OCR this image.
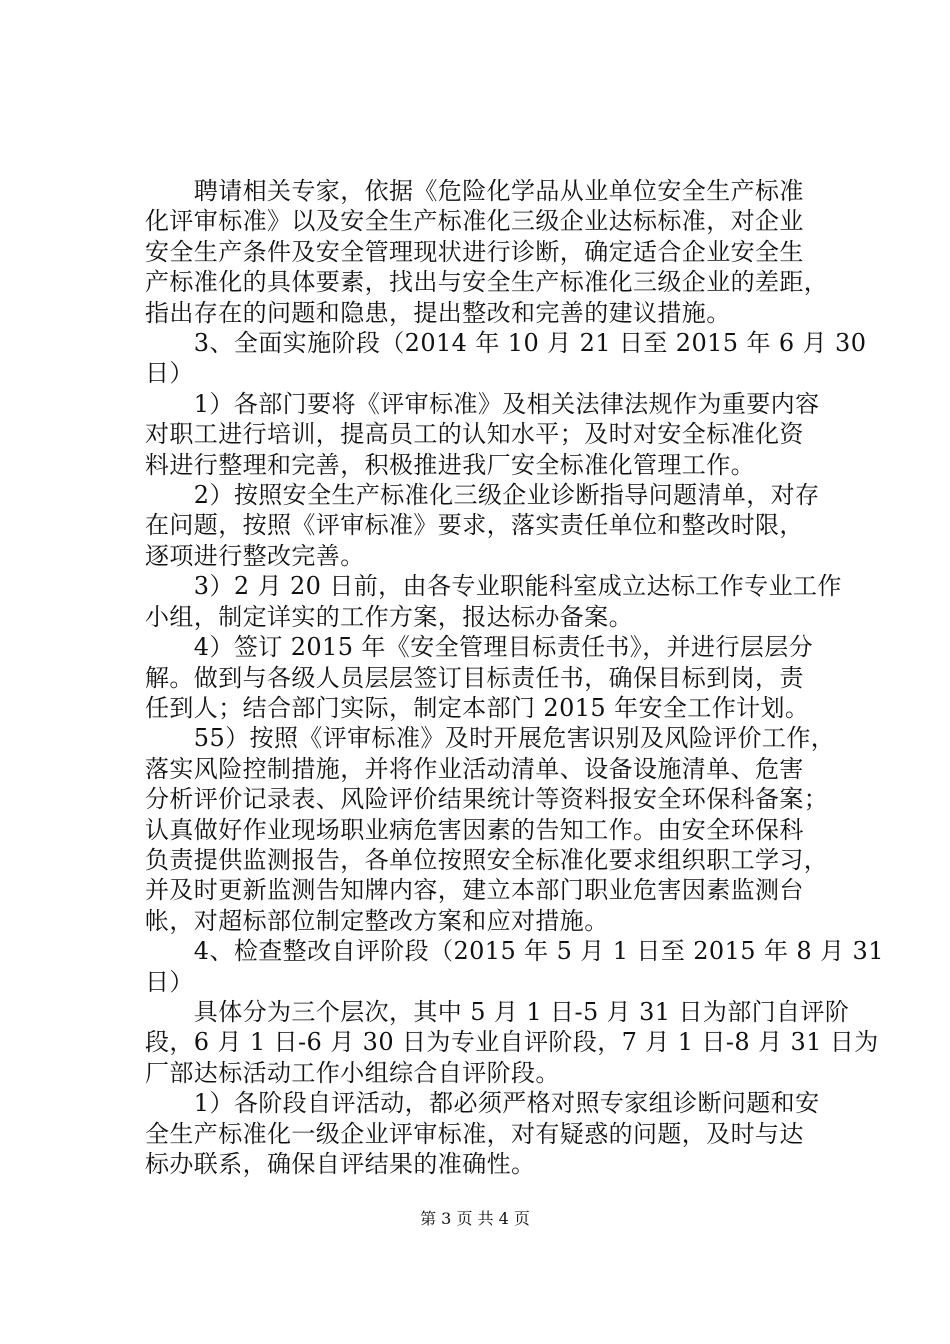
　　聘请相关专家，依据《危险化学品从业单位安全生产标准
化评审标准》以及安全生产标准化三级企业达标标准，对企业
安全生产条件及安全管理现状进行诊断，确定适合企业安全生
产标准化的具体要素，找出与安全生产标准化三级企业的差距，
指出存在的问题和隐患，提出整改和完善的建议措施。
　　3、全面实施阶段（2014 年 10 月 21 日至 2015 年 6 月 30
日）
　　1）各部门要将《评审标准》及相关法律法规作为重要内容
对职工进行培训，提高员工的认知水平；及时对安全标准化资
料进行整理和完善，积极推进我厂安全标准化管理工作。
　　2）按照安全生产标准化三级企业诊断指导问题清单，对存
在问题，按照《评审标准》要求，落实责任单位和整改时限，
逐项进行整改完善。
　　3）2 月 20 日前，由各专业职能科室成立达标工作专业工作
小组，制定详实的工作方案，报达标办备案。
　　4）签订 2015 年《安全管理目标责任书》，并进行层层分
解。做到与各级人员层层签订目标责任书，确保目标到岗，责
任到人；结合部门实际，制定本部门 2015 年安全工作计划。
　　55）按照《评审标准》及时开展危害识别及风险评价工作，
落实风险控制措施，并将作业活动清单、设备设施清单、危害
分析评价记录表、风险评价结果统计等资料报安全环保科备案；
认真做好作业现场职业病危害因素的告知工作。由安全环保科
负责提供监测报告，各单位按照安全标准化要求组织职工学习，
并及时更新监测告知牌内容，建立本部门职业危害因素监测台
帐，对超标部位制定整改方案和应对措施。
　　4、检查整改自评阶段（2015 年 5 月 1 日至 2015 年 8 月 31
日）
　　具体分为三个层次，其中 5 月 1 日-5 月 31 日为部门自评阶
段，6 月 1 日-6 月 30 日为专业自评阶段，7 月 1 日-8 月 31 日为
厂部达标活动工作小组综合自评阶段。
　　1）各阶段自评活动，都必须严格对照专家组诊断问题和安
全生产标准化一级企业评审标准，对有疑惑的问题，及时与达
标办联系，确保自评结果的准确性。
第 3 页 共 4 页
